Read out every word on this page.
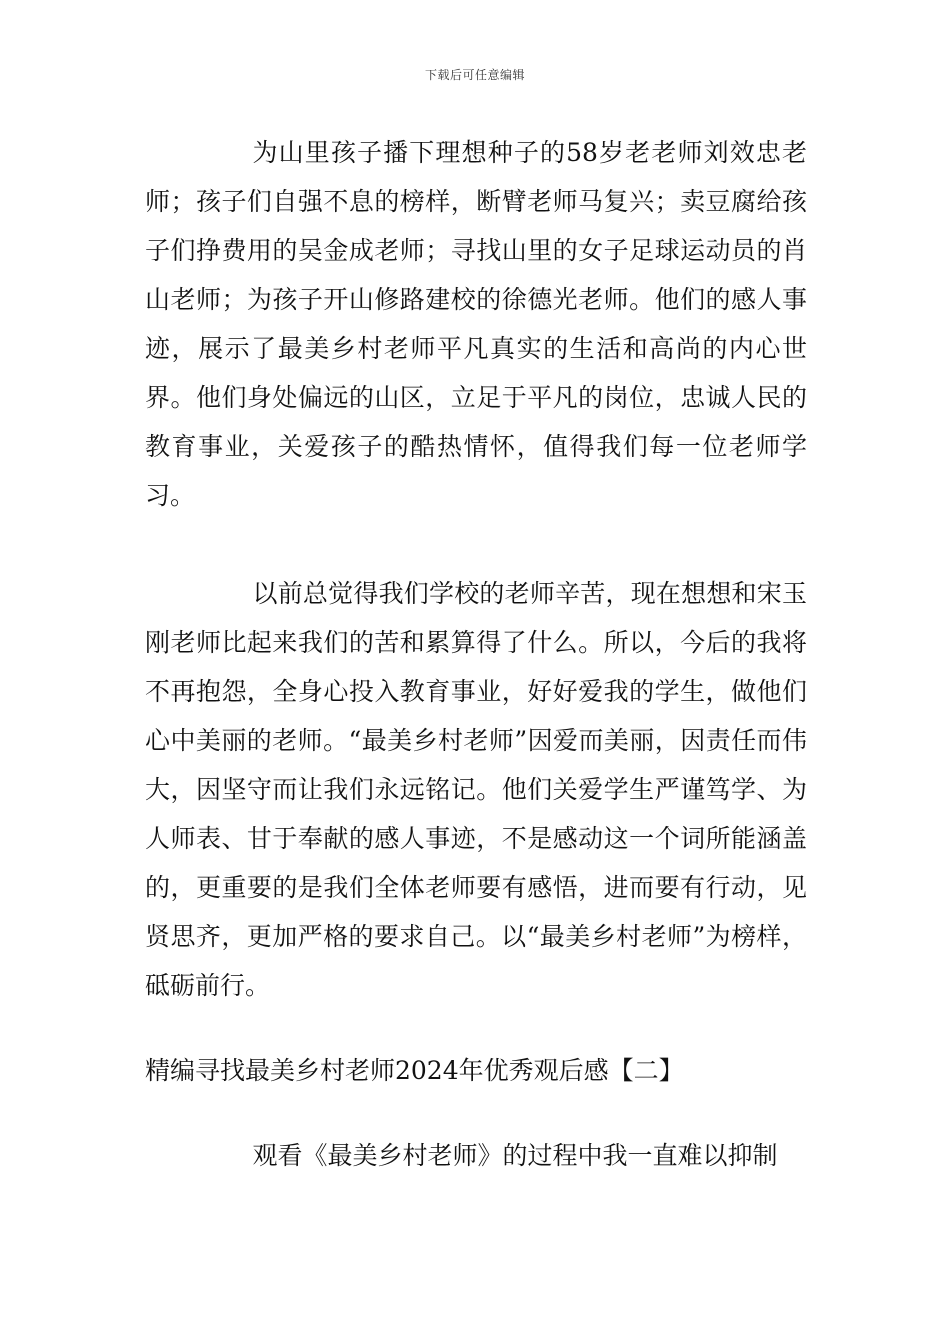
下载后可任意编辑

为山里孩子播下理想种子的58岁老老师刘效忠老师；孩子们自强不息的榜样，断臂老师马复兴；卖豆腐给孩子们挣费用的吴金成老师；寻找山里的女子足球运动员的肖山老师；为孩子开山修路建校的徐德光老师。他们的感人事迹，展示了最美乡村老师平凡真实的生活和高尚的内心世界。他们身处偏远的山区，立足于平凡的岗位，忠诚人民的教育事业，关爱孩子的酷热情怀，值得我们每一位老师学习。

以前总觉得我们学校的老师辛苦，现在想想和宋玉刚老师比起来我们的苦和累算得了什么。所以，今后的我将不再抱怨，全身心投入教育事业，好好爱我的学生，做他们心中美丽的老师。“最美乡村老师”因爱而美丽，因责任而伟大，因坚守而让我们永远铭记。他们关爱学生严谨笃学、为人师表、甘于奉献的感人事迹，不是感动这一个词所能涵盖的，更重要的是我们全体老师要有感悟，进而要有行动，见贤思齐，更加严格的要求自己。以“最美乡村老师”为榜样，砥砺前行。

精编寻找最美乡村老师2024年优秀观后感【二】

观看《最美乡村老师》的过程中我一直难以抑制
